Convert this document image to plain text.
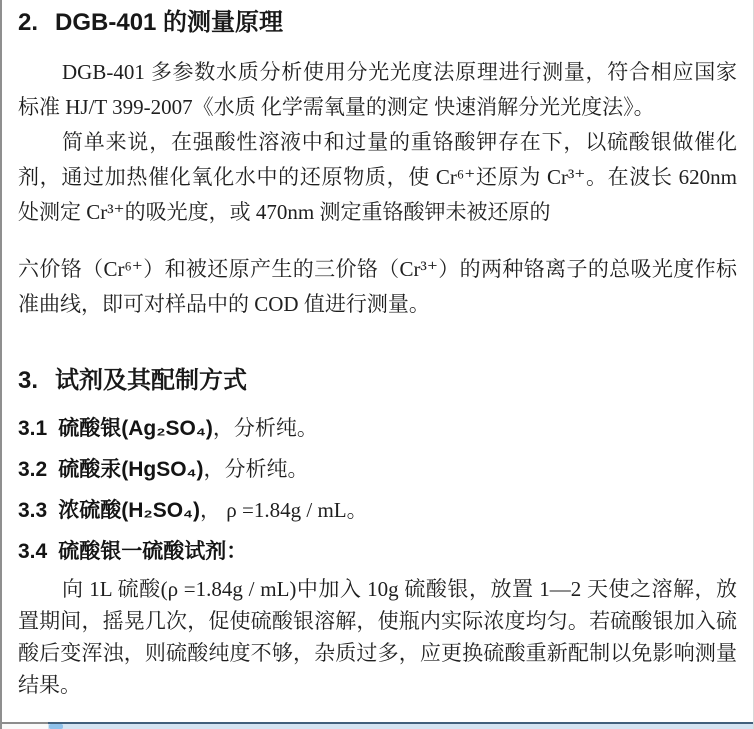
2. DGB-401 的测量原理

DGB-401 多参数水质分析使用分光光度法原理进行测量，符合相应国家标准 HJ/T 399-2007《水质 化学需氧量的测定 快速消解分光光度法》。

简单来说，在强酸性溶液中和过量的重铬酸钾存在下，以硫酸银做催化剂，通过加热催化氧化水中的还原物质，使 Cr⁶⁺还原为 Cr³⁺。在波长 620nm 处测定 Cr³⁺的吸光度，或 470nm 测定重铬酸钾未被还原的

六价铬（Cr⁶⁺）和被还原产生的三价铬（Cr³⁺）的两种铬离子的总吸光度作标准曲线，即可对样品中的 COD 值进行测量。

3. 试剂及其配制方式
3.1 硫酸银(Ag₂SO₄)，分析纯。
3.2 硫酸汞(HgSO₄)，分析纯。
3.3 浓硫酸(H₂SO₄)， ρ =1.84g / mL。
3.4 硫酸银一硫酸试剂：

向 1L 硫酸(ρ =1.84g / mL)中加入 10g 硫酸银，放置 1—2 天使之溶解，放置期间，摇晃几次，促使硫酸银溶解，使瓶内实际浓度均匀。若硫酸银加入硫酸后变浑浊，则硫酸纯度不够，杂质过多，应更换硫酸重新配制以免影响测量结果。
